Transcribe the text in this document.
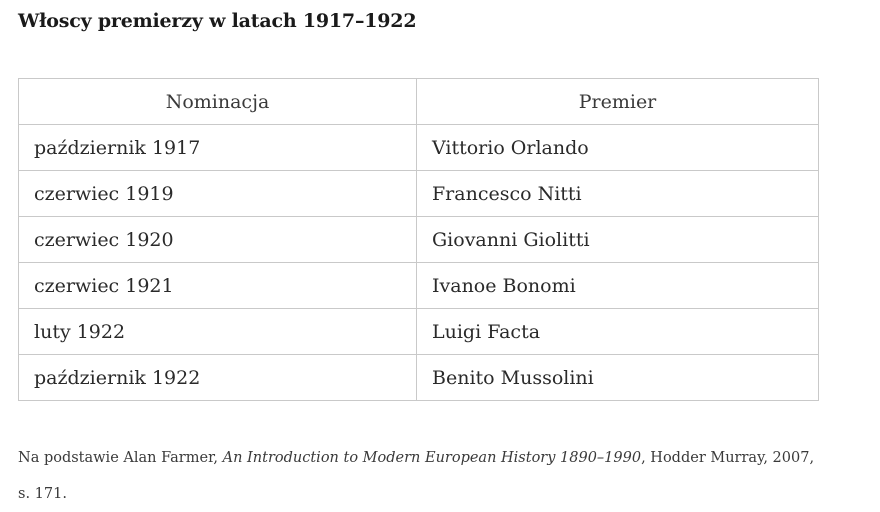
Włoscy premierzy w latach 1917–1922
Nominacja	Premier
październik 1917	Vittorio Orlando
czerwiec 1919	Francesco Nitti
czerwiec 1920	Giovanni Giolitti
czerwiec 1921	Ivanoe Bonomi
luty 1922	Luigi Facta
październik 1922	Benito Mussolini

Na podstawie Alan Farmer, An Introduction to Modern European History 1890–1990, Hodder Murray, 2007, s. 171.
